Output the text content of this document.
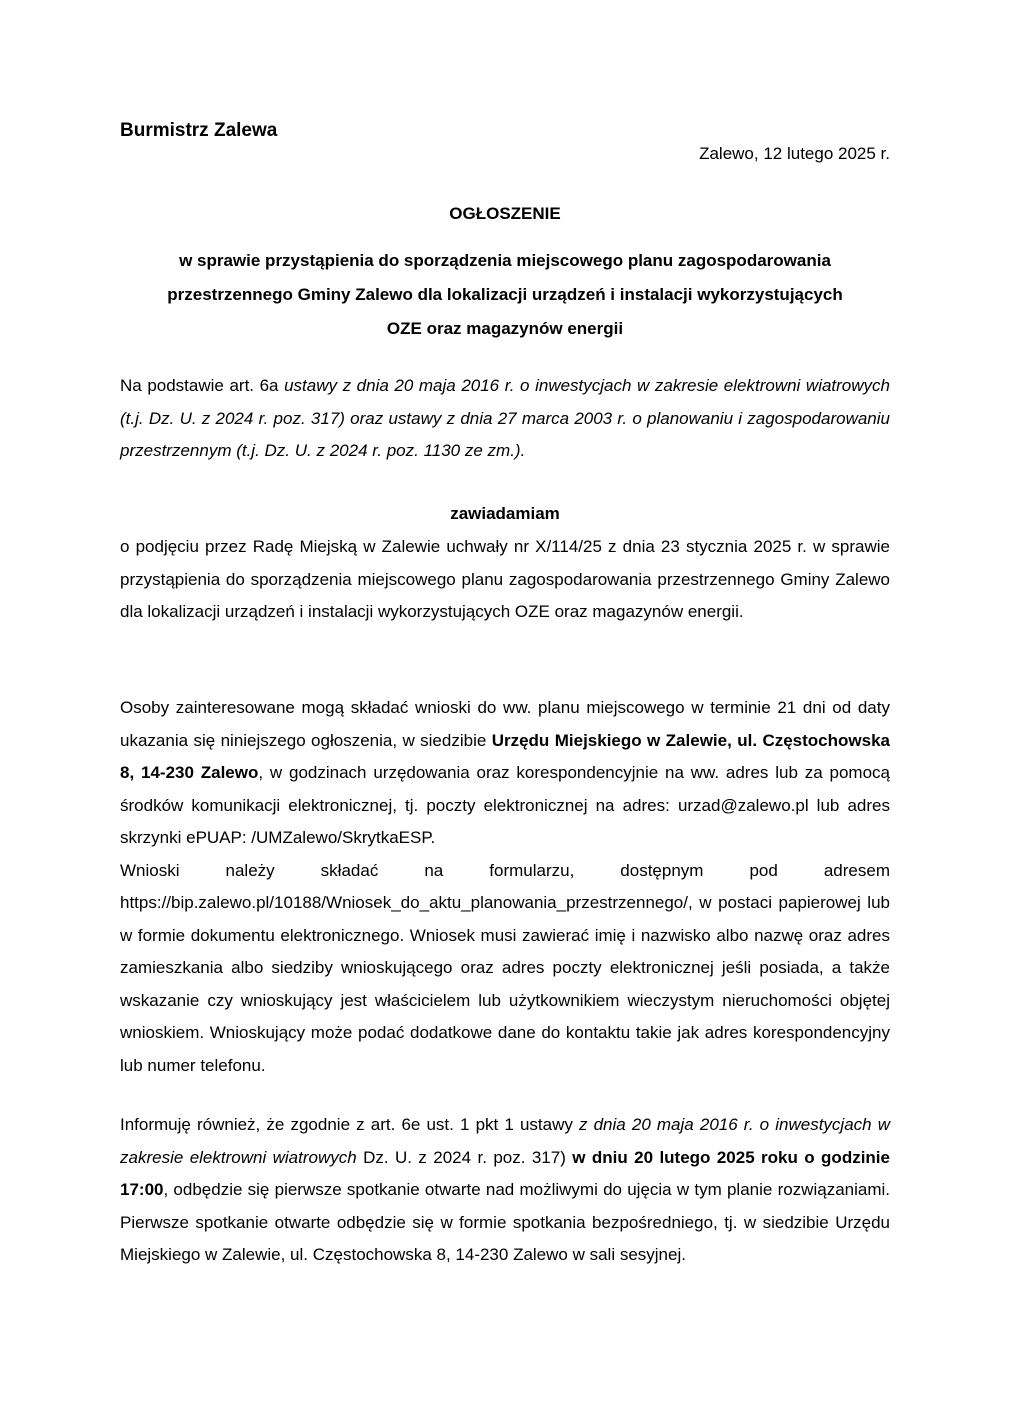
Burmistrz Zalewa
Zalewo, 12 lutego 2025 r.
OGŁOSZENIE
w sprawie przystąpienia do sporządzenia miejscowego planu zagospodarowania
przestrzennego Gminy Zalewo dla lokalizacji urządzeń i instalacji wykorzystujących
OZE oraz magazynów energii
Na podstawie art. 6a ustawy z dnia 20 maja 2016 r. o inwestycjach w zakresie elektrowni wiatrowych (t.j. Dz. U. z 2024 r. poz. 317) oraz ustawy z dnia 27 marca 2003 r. o planowaniu i zagospodarowaniu przestrzennym (t.j. Dz. U. z 2024 r. poz. 1130 ze zm.).
zawiadamiam
o podjęciu przez Radę Miejską w Zalewie uchwały nr X/114/25 z dnia 23 stycznia 2025 r. w sprawie przystąpienia do sporządzenia miejscowego planu zagospodarowania przestrzennego Gminy Zalewo dla lokalizacji urządzeń i instalacji wykorzystujących OZE oraz magazynów energii.
Osoby zainteresowane mogą składać wnioski do ww. planu miejscowego w terminie 21 dni od daty ukazania się niniejszego ogłoszenia, w siedzibie Urzędu Miejskiego w Zalewie, ul. Częstochowska 8, 14-230 Zalewo, w godzinach urzędowania oraz korespondencyjnie na ww. adres lub za pomocą środków komunikacji elektronicznej, tj. poczty elektronicznej na adres: urzad@zalewo.pl lub adres skrzynki ePUAP: /UMZalewo/SkrytkaESP.
Wnioski należy składać na formularzu, dostępnym pod adresem https://bip.zalewo.pl/10188/Wniosek_do_aktu_planowania_przestrzennego/, w postaci papierowej lub w formie dokumentu elektronicznego. Wniosek musi zawierać imię i nazwisko albo nazwę oraz adres zamieszkania albo siedziby wnioskującego oraz adres poczty elektronicznej jeśli posiada, a także wskazanie czy wnioskujący jest właścicielem lub użytkownikiem wieczystym nieruchomości objętej wnioskiem. Wnioskujący może podać dodatkowe dane do kontaktu takie jak adres korespondencyjny lub numer telefonu.
Informuję również, że zgodnie z art. 6e ust. 1 pkt 1 ustawy z dnia 20 maja 2016 r. o inwestycjach w zakresie elektrowni wiatrowych Dz. U. z 2024 r. poz. 317) w dniu 20 lutego 2025 roku o godzinie 17:00, odbędzie się pierwsze spotkanie otwarte nad możliwymi do ujęcia w tym planie rozwiązaniami. Pierwsze spotkanie otwarte odbędzie się w formie spotkania bezpośredniego, tj. w siedzibie Urzędu Miejskiego w Zalewie, ul. Częstochowska 8, 14-230 Zalewo w sali sesyjnej.
